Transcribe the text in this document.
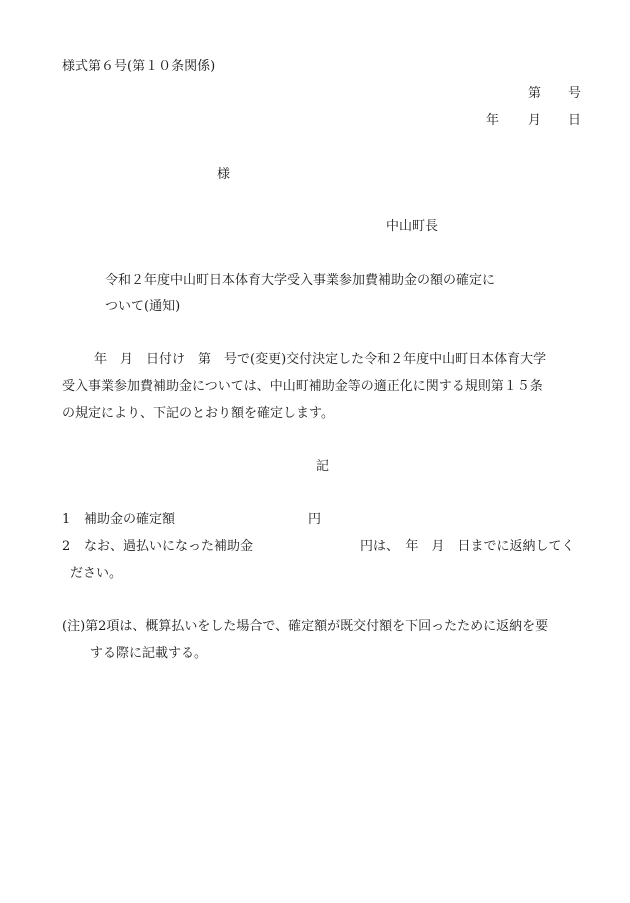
様式第６号(第１０条関係)
第 号
年 月 日
様
中山町長
令和２年度中山町日本体育大学受入事業参加費補助金の額の確定に
ついて(通知)
年　月　日付け　第　号で(変更)交付決定した令和２年度中山町日本体育大学
受入事業参加費補助金については、中山町補助金等の適正化に関する規則第１５条
の規定により、下記のとおり額を確定します。
記
1 補助金の確定額	円
2 なお、過払いになった補助金	円は、　年　月　日までに返納してく
ださい。
(注)第2項は、概算払いをした場合で、確定額が既交付額を下回ったために返納を要
する際に記載する。
